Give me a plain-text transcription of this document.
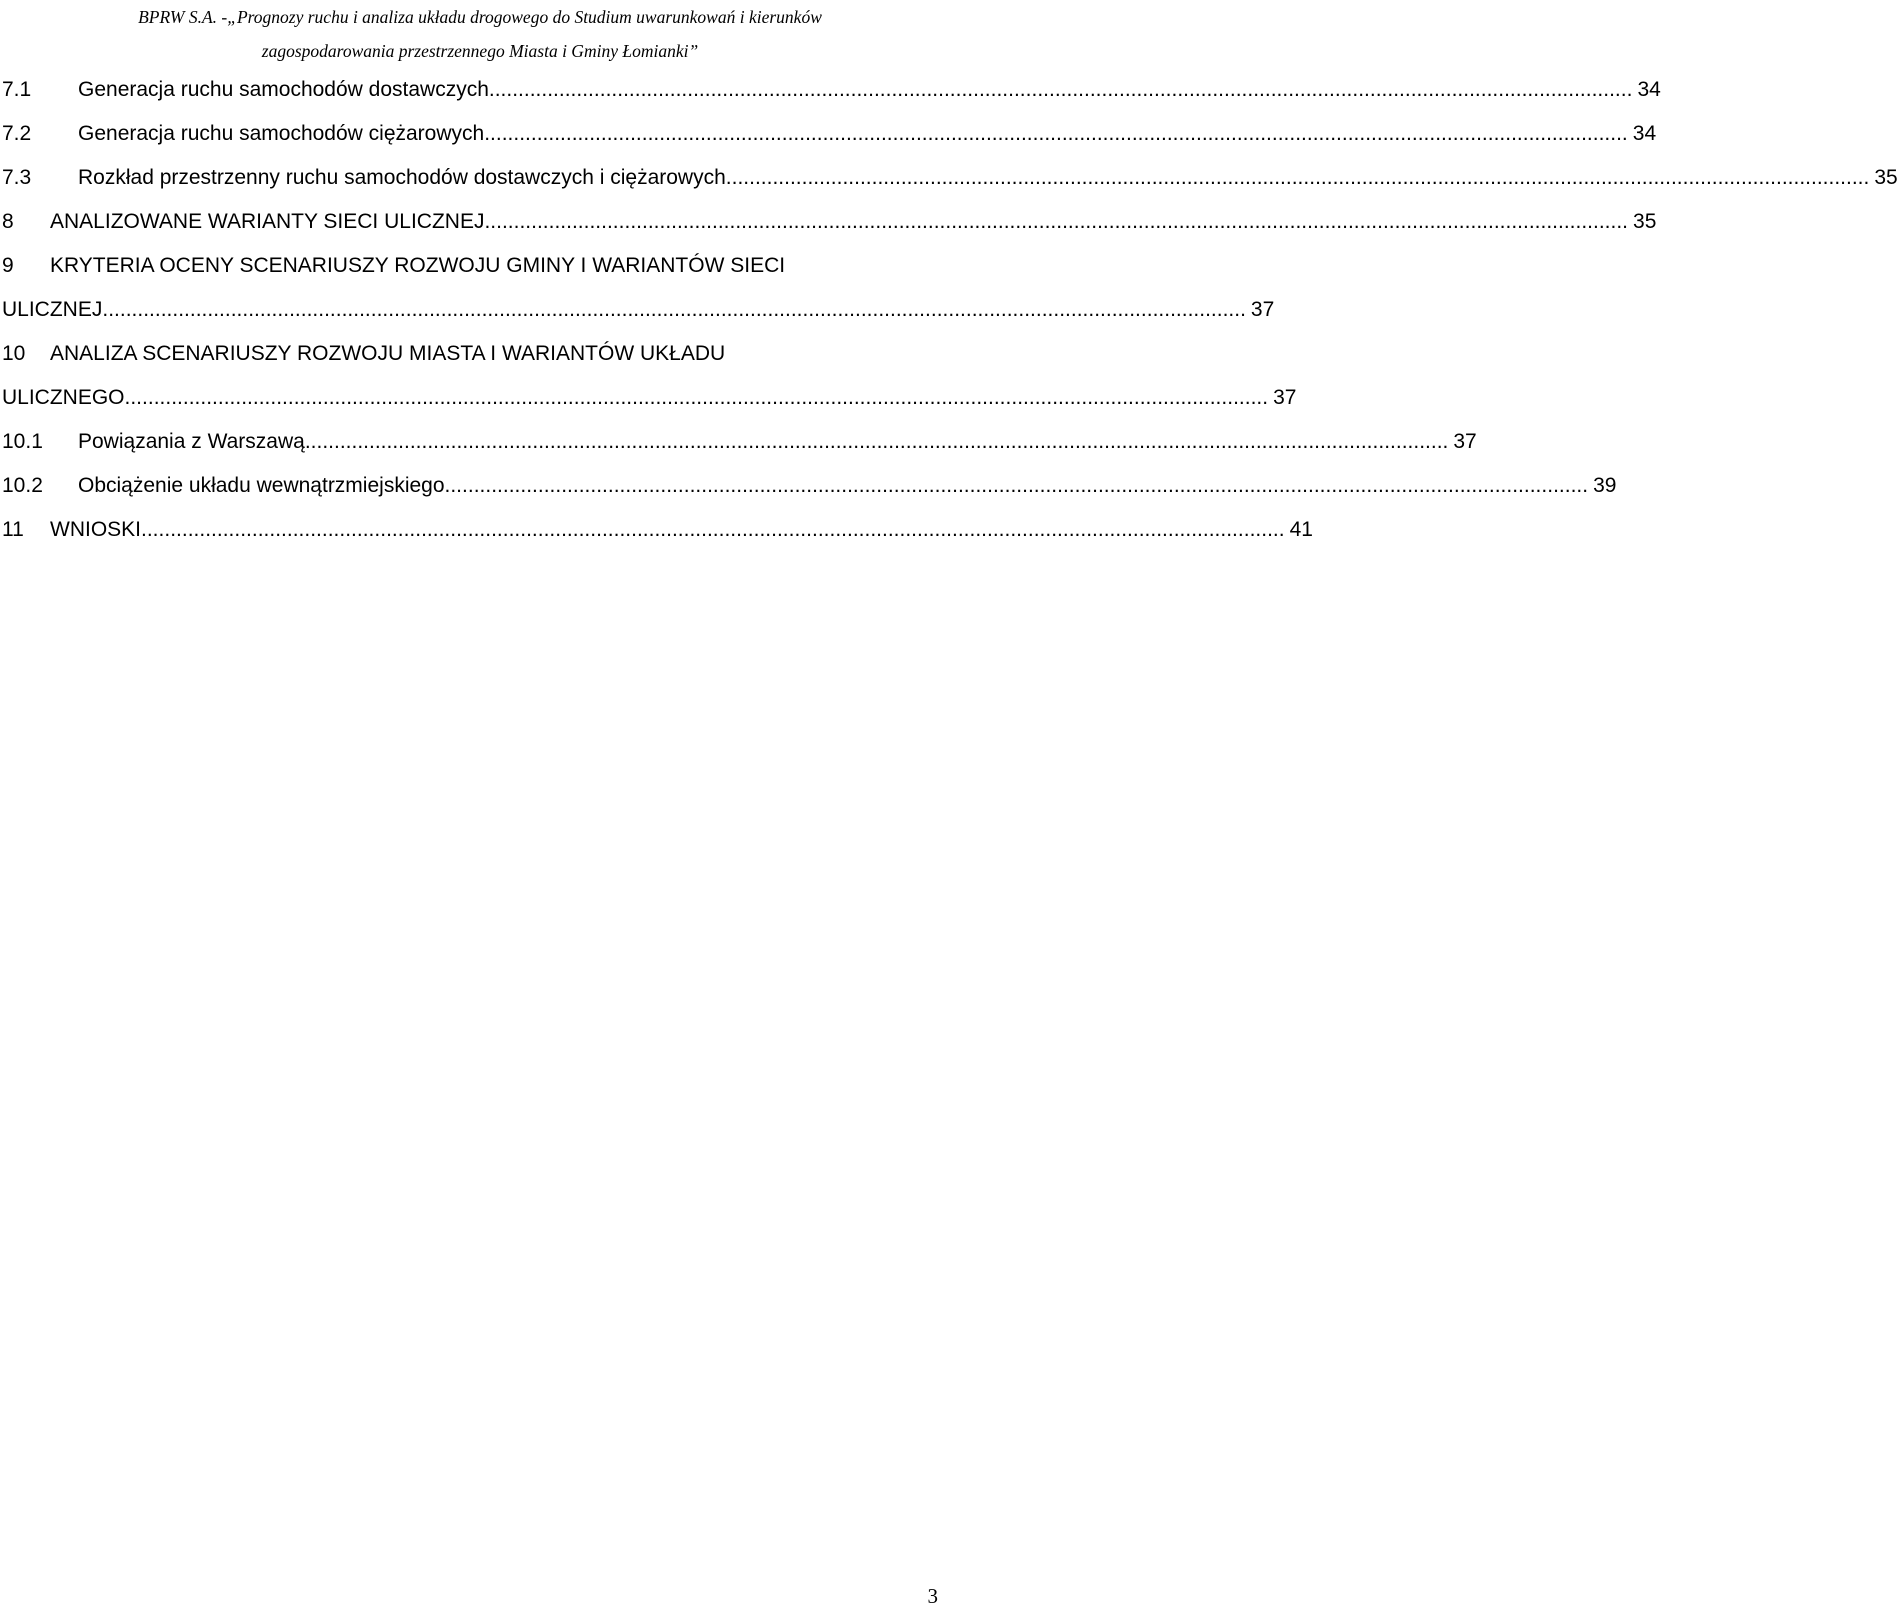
BPRW S.A. -„Prognozy ruchu i analiza układu drogowego do Studium uwarunkowań i kierunków
zagospodarowania przestrzennego Miasta i Gminy Łomianki”
7.1 Generacja ruchu samochodów dostawczych .................................................................................................................................................................................................... 34
7.2 Generacja ruchu samochodów ciężarowych .................................................................................................................................................................................................... 34
7.3 Rozkład przestrzenny ruchu samochodów dostawczych i ciężarowych .................................................................................................................................................................................................... 35
8 ANALIZOWANE WARIANTY SIECI ULICZNEJ .................................................................................................................................................................................................... 35
9 KRYTERIA OCENY SCENARIUSZY ROZWOJU GMINY I WARIANTÓW SIECI
ULICZNEJ .................................................................................................................................................................................................... 37
10 ANALIZA SCENARIUSZY ROZWOJU MIASTA I WARIANTÓW UKŁADU
ULICZNEGO .................................................................................................................................................................................................... 37
10.1 Powiązania z Warszawą .................................................................................................................................................................................................... 37
10.2 Obciążenie układu wewnątrzmiejskiego .................................................................................................................................................................................................... 39
11 WNIOSKI .................................................................................................................................................................................................... 41
3
